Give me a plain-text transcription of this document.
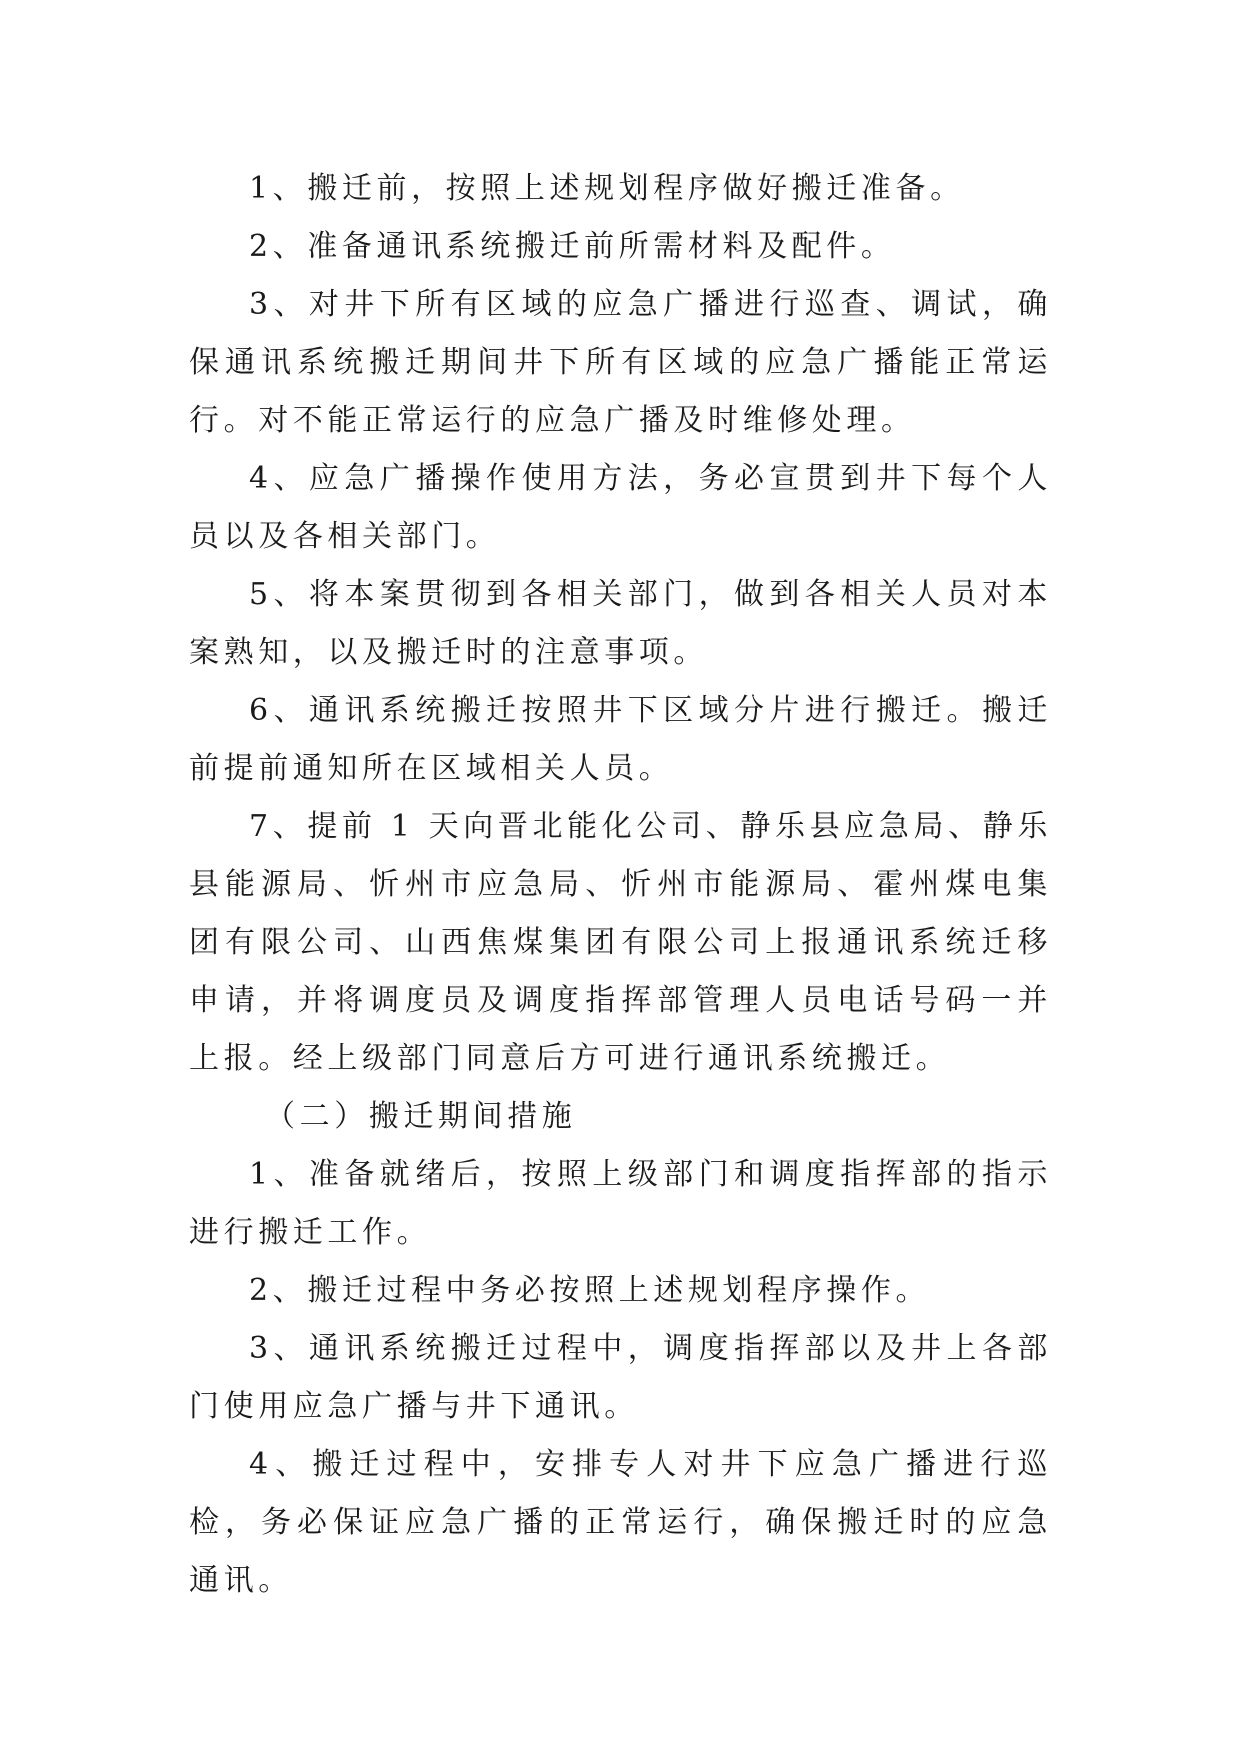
1、搬迁前，按照上述规划程序做好搬迁准备。

2、准备通讯系统搬迁前所需材料及配件。

3、对井下所有区域的应急广播进行巡查、调试，确保通讯系统搬迁期间井下所有区域的应急广播能正常运行。对不能正常运行的应急广播及时维修处理。

4、应急广播操作使用方法，务必宣贯到井下每个人员以及各相关部门。

5、将本案贯彻到各相关部门，做到各相关人员对本案熟知，以及搬迁时的注意事项。

6、通讯系统搬迁按照井下区域分片进行搬迁。搬迁前提前通知所在区域相关人员。

7、提前 1 天向晋北能化公司、静乐县应急局、静乐县能源局、忻州市应急局、忻州市能源局、霍州煤电集团有限公司、山西焦煤集团有限公司上报通讯系统迁移申请，并将调度员及调度指挥部管理人员电话号码一并上报。经上级部门同意后方可进行通讯系统搬迁。

（二）搬迁期间措施

1、准备就绪后，按照上级部门和调度指挥部的指示进行搬迁工作。

2、搬迁过程中务必按照上述规划程序操作。

3、通讯系统搬迁过程中，调度指挥部以及井上各部门使用应急广播与井下通讯。

4、搬迁过程中，安排专人对井下应急广播进行巡检，务必保证应急广播的正常运行，确保搬迁时的应急通讯。
